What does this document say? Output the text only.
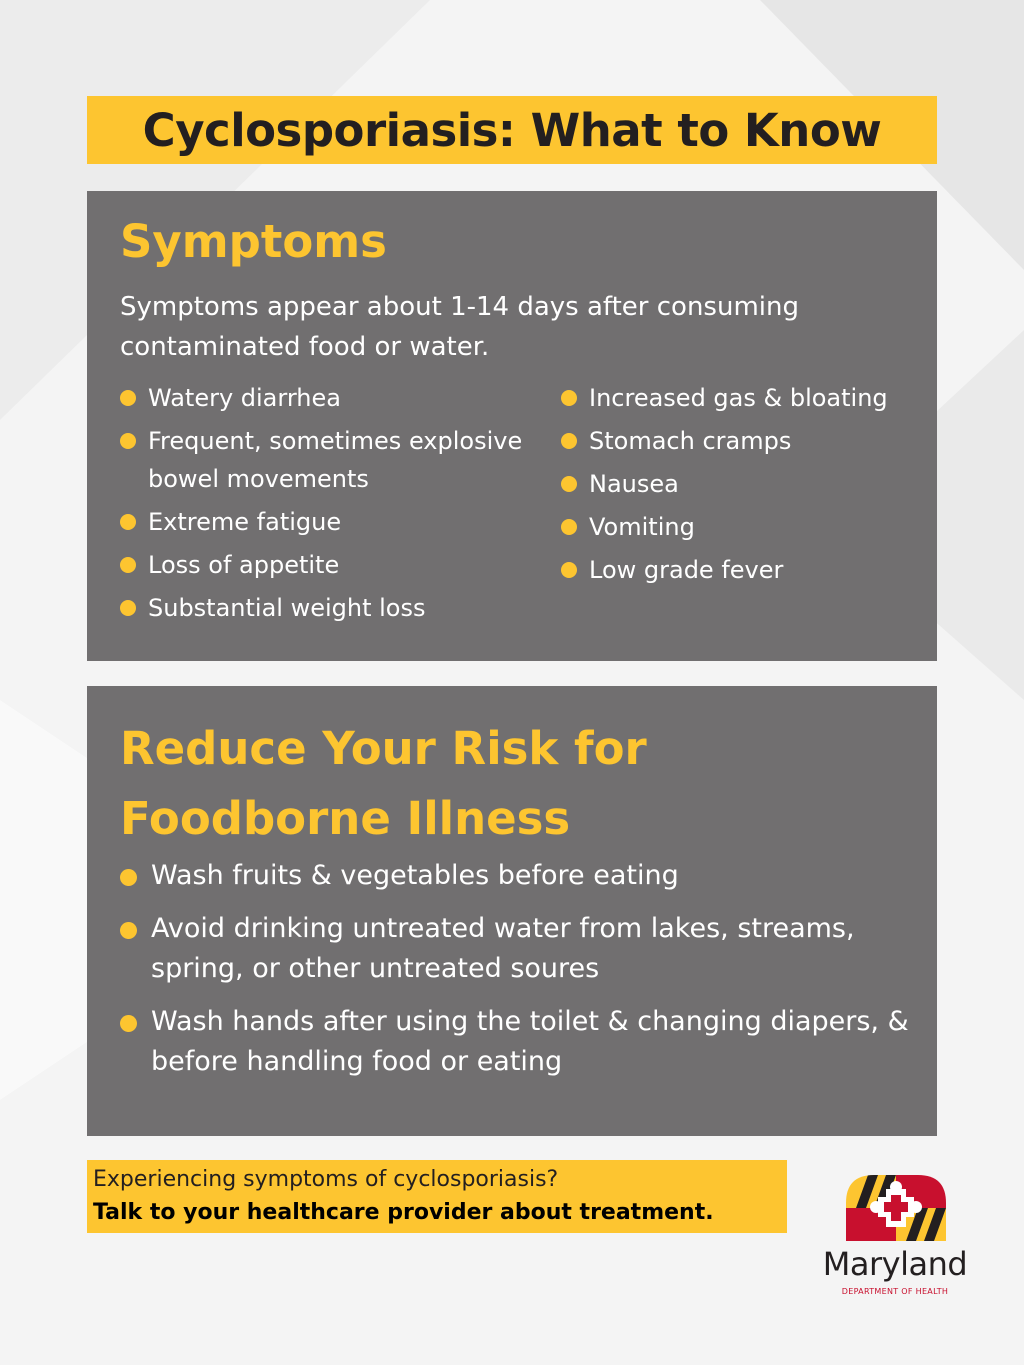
Cyclosporiasis: What to Know
Symptoms

Symptoms appear about 1-14 days after consuming contaminated food or water.

Watery diarrhea
Frequent, sometimes explosive bowel movements
Extreme fatigue
Loss of appetite
Substantial weight loss
Increased gas & bloating
Stomach cramps
Nausea
Vomiting
Low grade fever
Reduce Your Risk for Foodborne Illness
Wash fruits & vegetables before eating
Avoid drinking untreated water from lakes, streams, spring, or other untreated soures
Wash hands after using the toilet & changing diapers, & before handling food or eating
Experiencing symptoms of cyclosporiasis?
Talk to your healthcare provider about treatment.
Maryland
DEPARTMENT OF HEALTH
